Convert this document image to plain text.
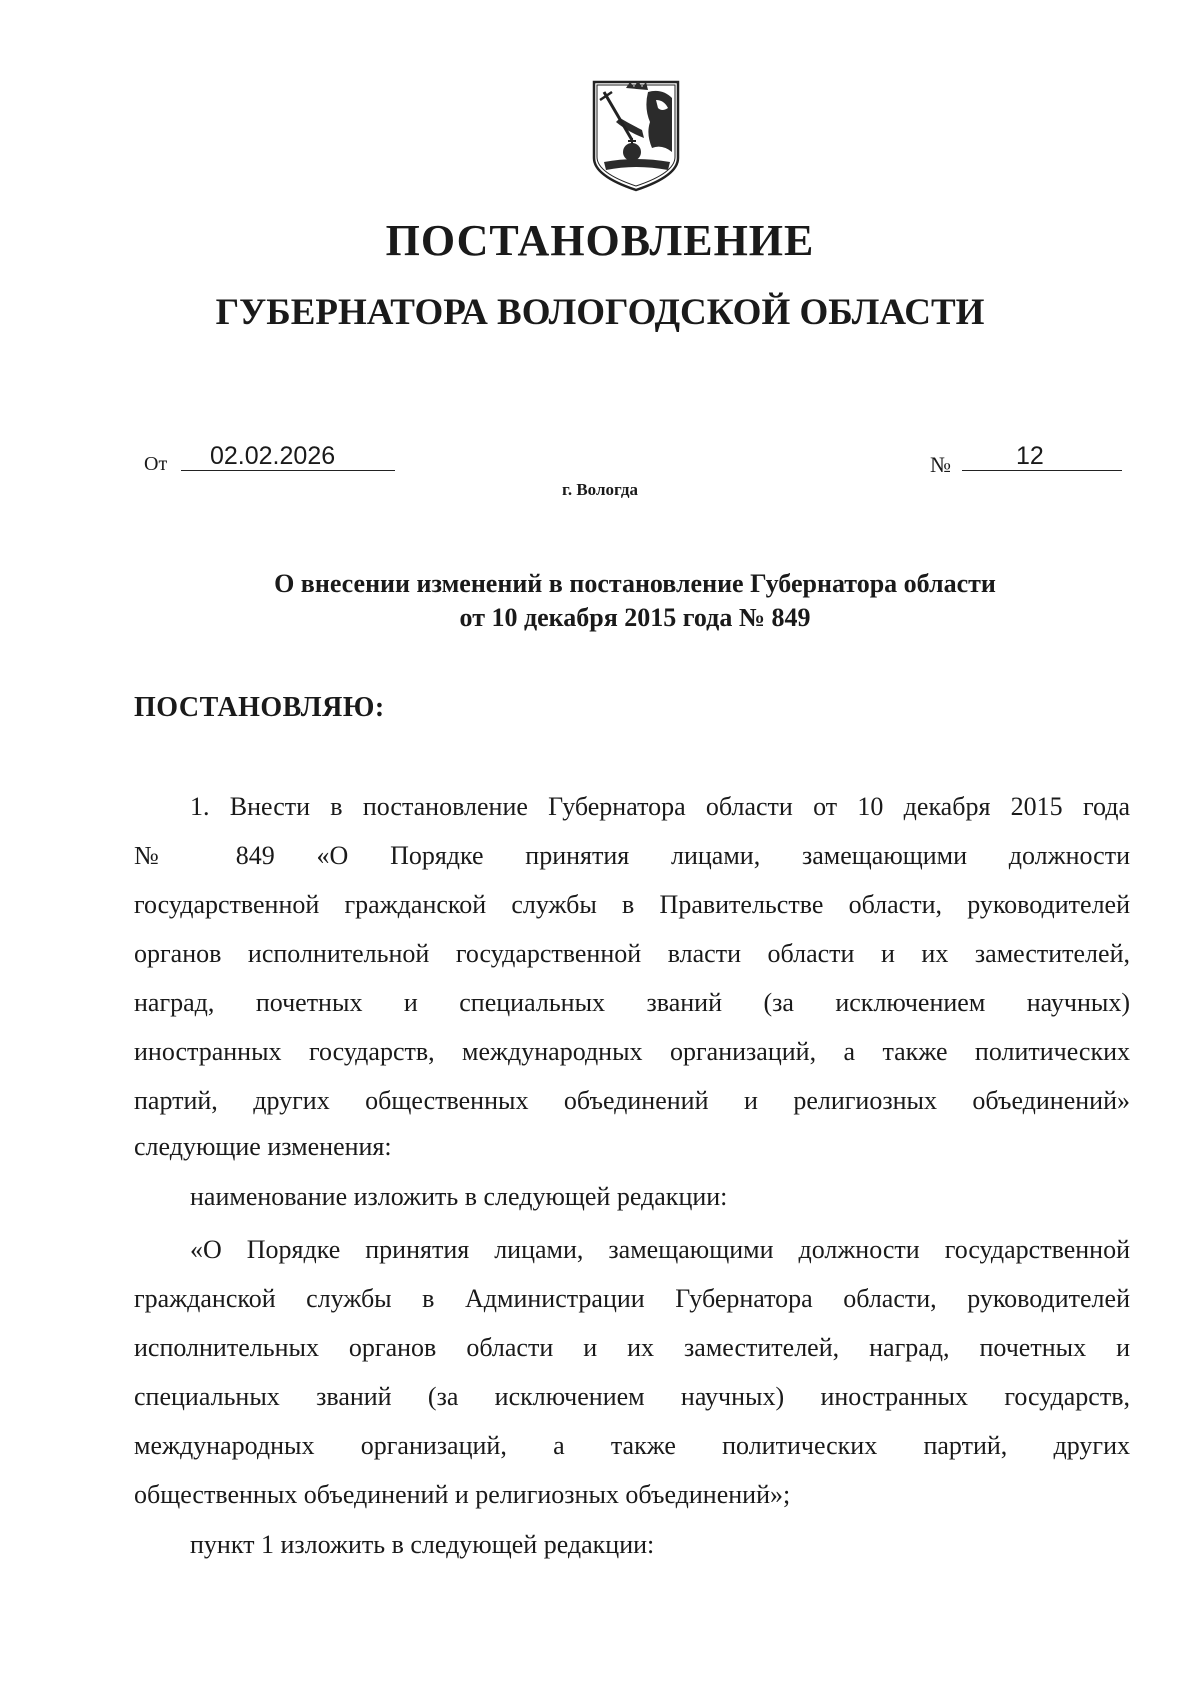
ПОСТАНОВЛЕНИЕ
ГУБЕРНАТОРА ВОЛОГОДСКОЙ ОБЛАСТИ
От 02.02.2026
г. Вологда
№	12
О внесении изменений в постановление Губернатора области
от 10 декабря 2015 года № 849
ПОСТАНОВЛЯЮ:
1. Внести в постановление Губернатора области от 10 декабря 2015 года
№ 849 «О Порядке принятия лицами, замещающими должности
государственной гражданской службы в Правительстве области, руководителей
органов исполнительной государственной власти области и их заместителей,
наград, почетных и специальных званий (за исключением научных)
иностранных государств, международных организаций, а также политических
партий, других общественных объединений и религиозных объединений»
следующие изменения:
наименование изложить в следующей редакции:
«О Порядке принятия лицами, замещающими должности государственной
гражданской службы в Администрации Губернатора области, руководителей
исполнительных органов области и их заместителей, наград, почетных и
специальных званий (за исключением научных) иностранных государств,
международных организаций, а также политических партий, других
общественных объединений и религиозных объединений»;
пункт 1 изложить в следующей редакции:
